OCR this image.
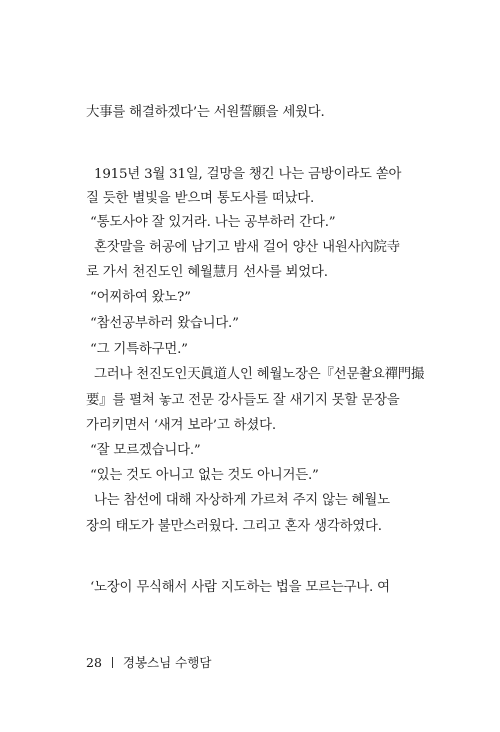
大事를 해결하겠다’는 서원誓願을 세웠다.
1915년 3월 31일, 걸망을 챙긴 나는 금방이라도 쏟아
질 듯한 별빛을 받으며 통도사를 떠났다.
“통도사야 잘 있거라. 나는 공부하러 간다.”
혼잣말을 허공에 남기고 밤새 걸어 양산 내원사內院寺
로 가서 천진도인 혜월慧月 선사를 뵈었다.
“어찌하여 왔노?”
“참선공부하러 왔습니다.”
“그 기특하구먼.”
그러나 천진도인天眞道人인 혜월노장은『선문촬요禪門撮
要』를 펼쳐 놓고 전문 강사들도 잘 새기지 못할 문장을
가리키면서 ‘새겨 보라’고 하셨다.
“잘 모르겠습니다.”
“있는 것도 아니고 없는 것도 아니거든.”
나는 참선에 대해 자상하게 가르쳐 주지 않는 혜월노
장의 태도가 불만스러웠다. 그리고 혼자 생각하였다.
‘노장이 무식해서 사람 지도하는 법을 모르는구나. 여
28 경봉스님 수행담
